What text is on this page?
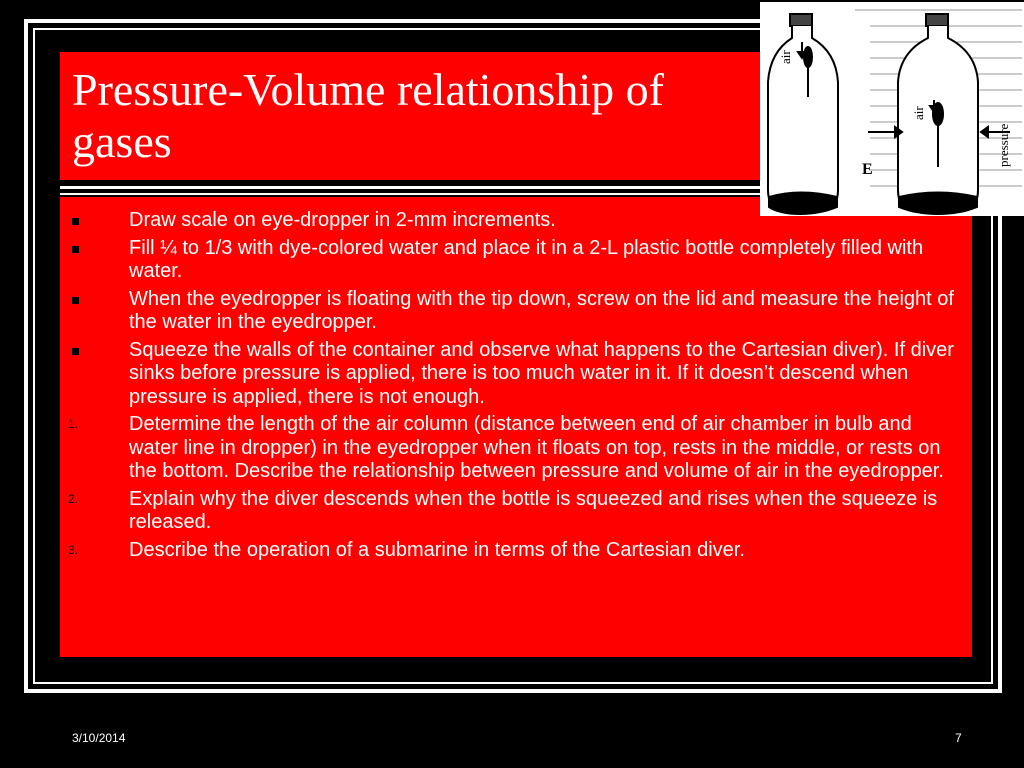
Pressure-Volume relationship of gases
Draw scale on eye-dropper in 2-mm increments.
Fill ¼ to 1/3 with dye-colored water and place it in a 2-L plastic bottle completely filled with water.
When the eyedropper is floating with the tip down, screw on the lid and measure the height of the water in the eyedropper.
Squeeze the walls of the container and observe what happens to the Cartesian diver). If diver sinks before pressure is applied, there is too much water in it. If it doesn’t descend when pressure is applied, there is not enough.
1.	Determine the length of the air column (distance between end of air chamber in bulb and water line in dropper) in the eyedropper when it floats on top, rests in the middle, or rests on the bottom. Describe the relationship between pressure and volume of air in the eyedropper.
2.	Explain why the diver descends when the bottle is squeezed and rises when the squeeze is released.
3.	Describe the operation of a submarine in terms of the Cartesian diver.
air
air
pressure
E
3/10/2014	7
